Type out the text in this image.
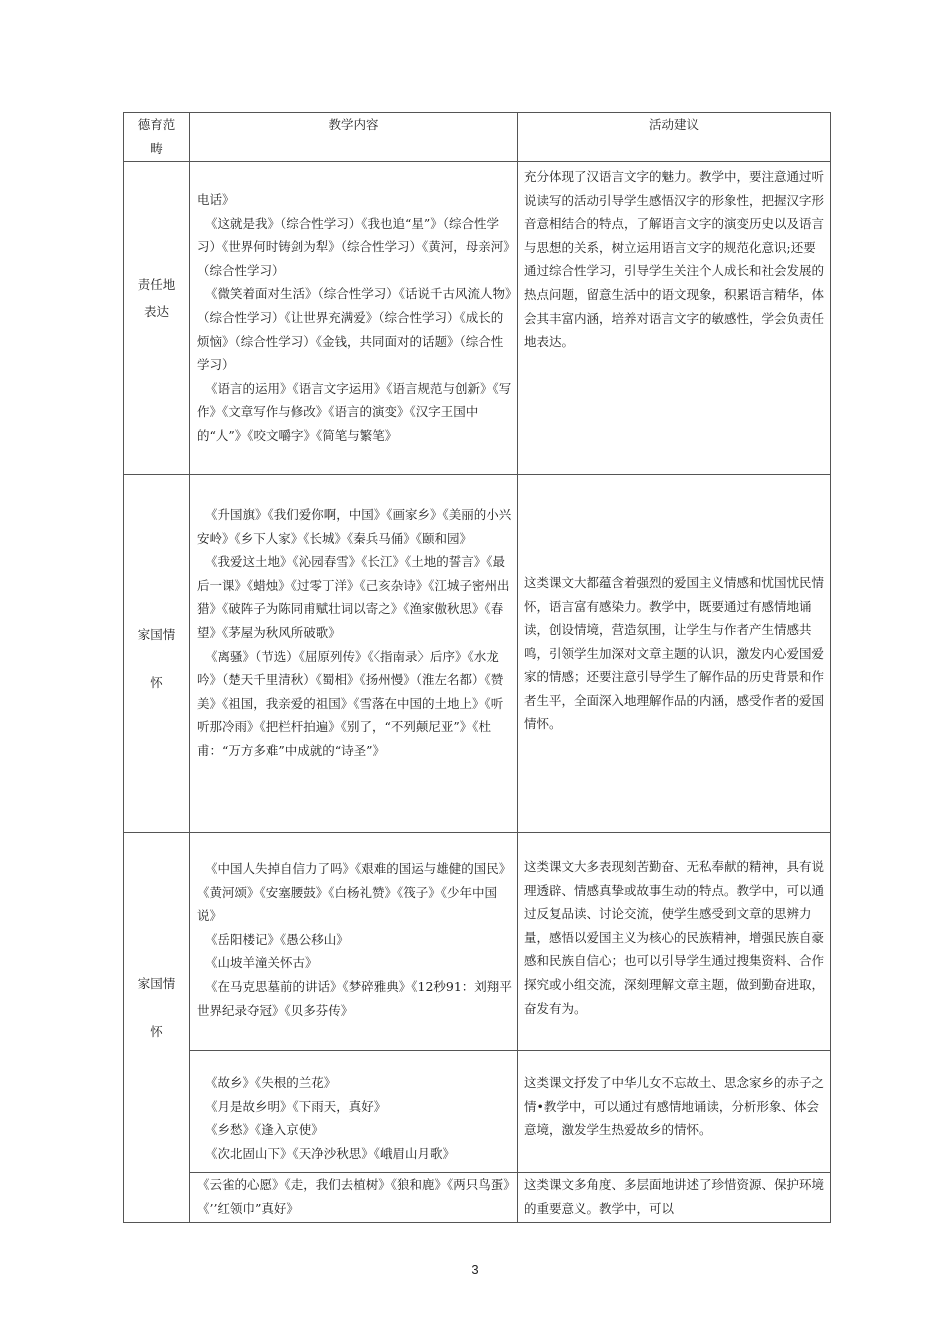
德育范畴	教学内容	活动建议

责任地表达	电话》
《这就是我》（综合性学习）《我也追“星”》（综合性学习）《世界何时铸剑为犁》（综合性学习）《黄河，母亲河》（综合性学习）
《微笑着面对生活》（综合性学习）《话说千古风流人物》（综合性学习）《让世界充满爱》（综合性学习）《成长的烦恼》（综合性学习）《金钱，共同面对的话题》（综合性学习）
《语言的运用》《语言文字运用》《语言规范与创新》《写作》《文章写作与修改》《语言的演变》《汉字王国中的“人”》《咬文嚼字》《简笔与繁笔》	充分体现了汉语言文字的魅力。教学中，要注意通过听说读写的活动引导学生感悟汉字的形象性，把握汉字形音意相结合的特点，了解语言文字的演变历史以及语言与思想的关系，树立运用语言文字的规范化意识;还要通过综合性学习，引导学生关注个人成长和社会发展的热点问题，留意生活中的语文现象，积累语言精华，体会其丰富内涵，培养对语言文字的敏感性，学会负责任地表达。

家国情怀	《升国旗》《我们爱你啊，中国》《画家乡》《美丽的小兴安岭》《乡下人家》《长城》《秦兵马俑》《颐和园》
《我爱这土地》《沁园春雪》《长江》《土地的誓言》《最后一课》《蜡烛》《过零丁洋》《己亥杂诗》《江城子密州出猎》《破阵子为陈同甫赋壮词以寄之》《渔家傲秋思》《春望》《茅屋为秋风所破歌》
《离骚》（节选）《屈原列传》《〈指南录〉后序》《水龙吟》（楚天千里清秋）《蜀相》《扬州慢》（淮左名都）《赞美》《祖国，我亲爱的祖国》《雪落在中国的土地上》《听听那冷雨》《把栏杆拍遍》《别了，“不列颠尼亚”》《杜甫：“万方多难”中成就的“诗圣”》	这类课文大都蕴含着强烈的爱国主义情感和忧国忧民情怀，语言富有感染力。教学中，既要通过有感情地诵读，创设情境，营造氛围，让学生与作者产生情感共鸣，引领学生加深对文章主题的认识，激发内心爱国爱家的情感；还要注意引导学生了解作品的历史背景和作者生平，全面深入地理解作品的内涵，感受作者的爱国情怀。

家国情怀	《中国人失掉自信力了吗》《艰难的国运与雄健的国民》《黄河颂》《安塞腰鼓》《白杨礼赞》《筏子》《少年中国说》
《岳阳楼记》《愚公移山》
《山坡羊潼关怀古》
《在马克思墓前的讲话》《梦碎雅典》《12秒91：刘翔平世界纪录夺冠》《贝多芬传》	这类课文大多表现刻苦勤奋、无私奉献的精神，具有说理透辟、情感真挚或故事生动的特点。教学中，可以通过反复品读、讨论交流，使学生感受到文章的思辨力量，感悟以爱国主义为核心的民族精神，增强民族自豪感和民族自信心；也可以引导学生通过搜集资料、合作探究或小组交流，深刻理解文章主题，做到勤奋进取，奋发有为。

	《故乡》《失根的兰花》
《月是故乡明》《下雨天，真好》
《乡愁》《逢入京使》
《次北固山下》《天净沙秋思》《峨眉山月歌》	这类课文抒发了中华儿女不忘故土、思念家乡的赤子之情•教学中，可以通过有感情地诵读，分析形象、体会意境，激发学生热爱故乡的情怀。

	《云雀的心愿》《走，我们去植树》《狼和鹿》《两只鸟蛋》《’’红领巾”真好》	这类课文多角度、多层面地讲述了珍惜资源、保护环境的重要意义。教学中，可以
3
